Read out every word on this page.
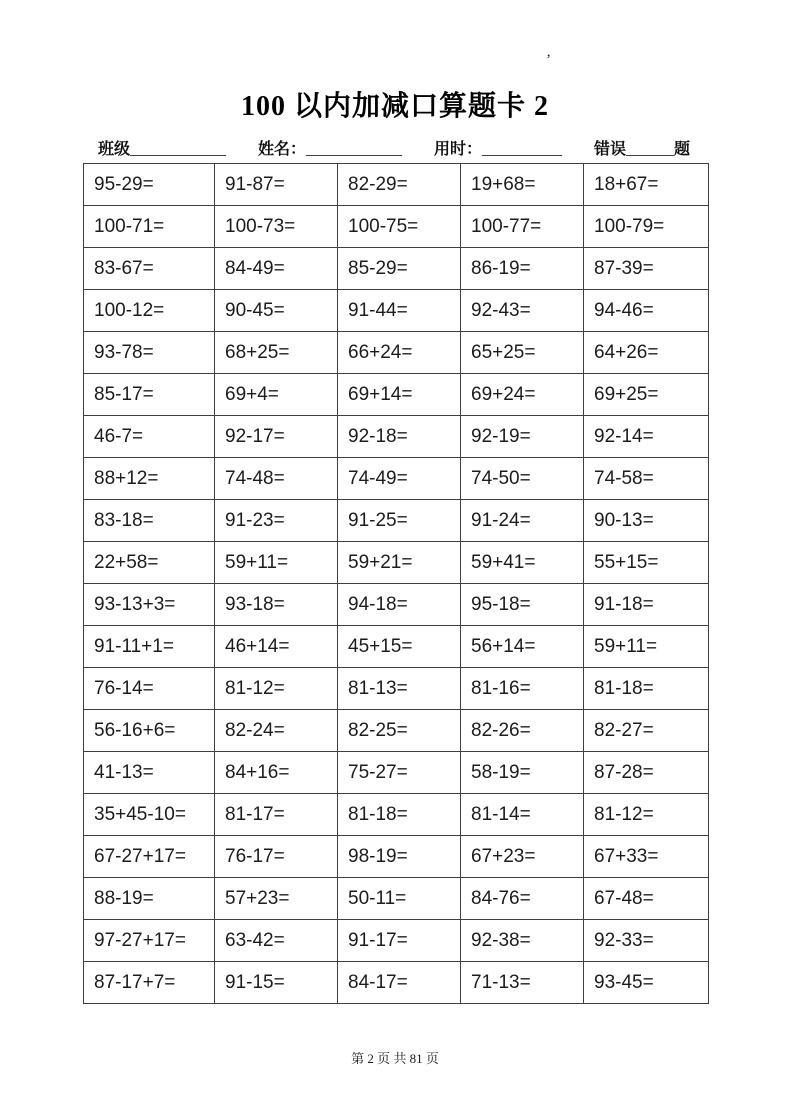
’
100 以内加减口算题卡 2
班级 ____________ 姓名： ____________ 用时： __________ 错误 ______ 题
95-29=	91-87=	82-29=	19+68=	18+67=
100-71=	100-73=	100-75=	100-77=	100-79=
83-67=	84-49=	85-29=	86-19=	87-39=
100-12=	90-45=	91-44=	92-43=	94-46=
93-78=	68+25=	66+24=	65+25=	64+26=
85-17=	69+4=	69+14=	69+24=	69+25=
46-7=	92-17=	92-18=	92-19=	92-14=
88+12=	74-48=	74-49=	74-50=	74-58=
83-18=	91-23=	91-25=	91-24=	90-13=
22+58=	59+11=	59+21=	59+41=	55+15=
93-13+3=	93-18=	94-18=	95-18=	91-18=
91-11+1=	46+14=	45+15=	56+14=	59+11=
76-14=	81-12=	81-13=	81-16=	81-18=
56-16+6=	82-24=	82-25=	82-26=	82-27=
41-13=	84+16=	75-27=	58-19=	87-28=
35+45-10=	81-17=	81-18=	81-14=	81-12=
67-27+17=	76-17=	98-19=	67+23=	67+33=
88-19=	57+23=	50-11=	84-76=	67-48=
97-27+17=	63-42=	91-17=	92-38=	92-33=
87-17+7=	91-15=	84-17=	71-13=	93-45=
第 2 页 共 81 页
